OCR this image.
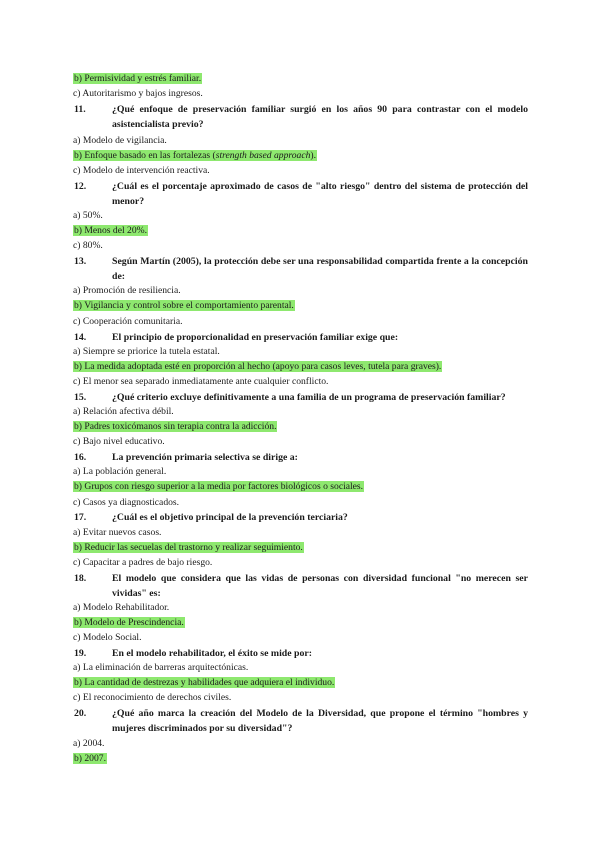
b) Permisividad y estrés familiar.
c) Autoritarismo y bajos ingresos.
11.	¿Qué enfoque de preservación familiar surgió en los años 90 para contrastar con el modelo asistencialista previo?
a) Modelo de vigilancia.
b) Enfoque basado en las fortalezas (strength based approach).
c) Modelo de intervención reactiva.
12.	¿Cuál es el porcentaje aproximado de casos de "alto riesgo" dentro del sistema de protección del menor?
a) 50%.
b) Menos del 20%.
c) 80%.
13.	Según Martín (2005), la protección debe ser una responsabilidad compartida frente a la concepción de:
a) Promoción de resiliencia.
b) Vigilancia y control sobre el comportamiento parental.
c) Cooperación comunitaria.
14.	El principio de proporcionalidad en preservación familiar exige que:
a) Siempre se priorice la tutela estatal.
b) La medida adoptada esté en proporción al hecho (apoyo para casos leves, tutela para graves).
c) El menor sea separado inmediatamente ante cualquier conflicto.
15.	¿Qué criterio excluye definitivamente a una familia de un programa de preservación familiar?
a) Relación afectiva débil.
b) Padres toxicómanos sin terapia contra la adicción.
c) Bajo nivel educativo.
16.	La prevención primaria selectiva se dirige a:
a) La población general.
b) Grupos con riesgo superior a la media por factores biológicos o sociales.
c) Casos ya diagnosticados.
17.	¿Cuál es el objetivo principal de la prevención terciaria?
a) Evitar nuevos casos.
b) Reducir las secuelas del trastorno y realizar seguimiento.
c) Capacitar a padres de bajo riesgo.
18.	El modelo que considera que las vidas de personas con diversidad funcional "no merecen ser vividas" es:
a) Modelo Rehabilitador.
b) Modelo de Prescindencia.
c) Modelo Social.
19.	En el modelo rehabilitador, el éxito se mide por:
a) La eliminación de barreras arquitectónicas.
b) La cantidad de destrezas y habilidades que adquiera el individuo.
c) El reconocimiento de derechos civiles.
20.	¿Qué año marca la creación del Modelo de la Diversidad, que propone el término "hombres y mujeres discriminados por su diversidad"?
a) 2004.
b) 2007.
